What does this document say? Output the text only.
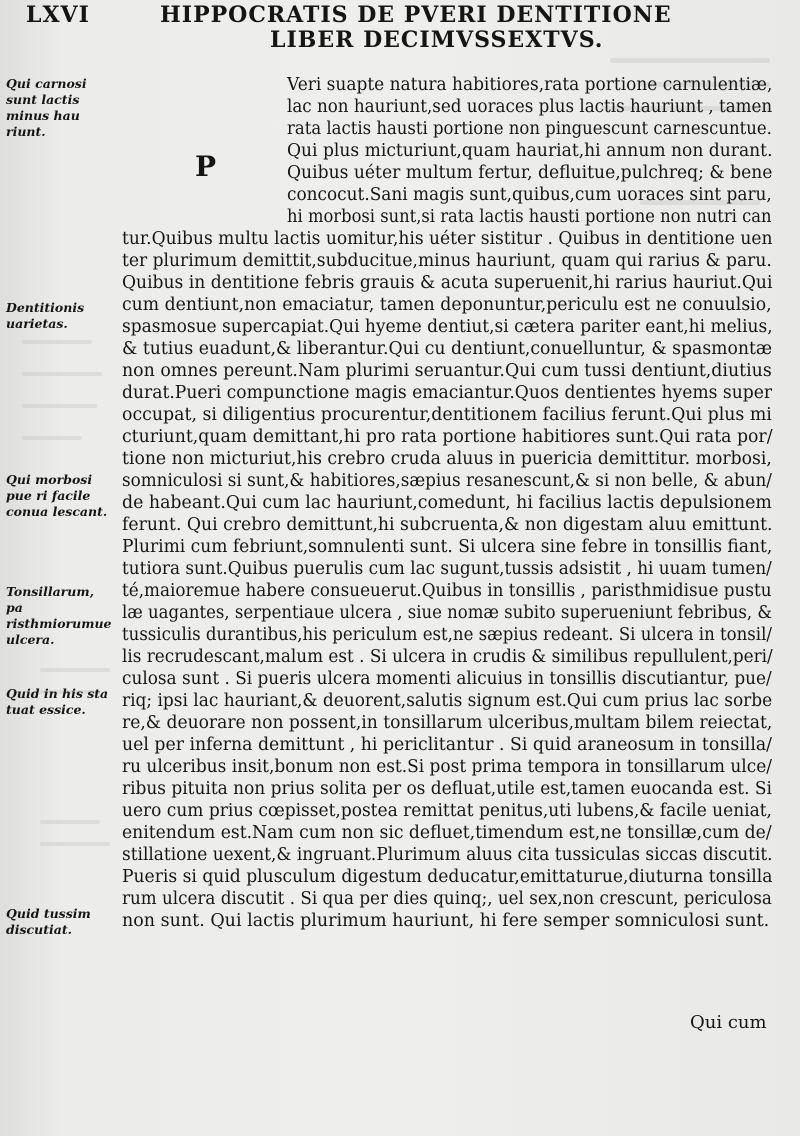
LXVI	HIPPOCRATIS DE PVERI DENTITIONE
LIBER DECIMVSSEXTVS.
P
Qui carnosi sunt lactis minus hau riunt.
Dentitionis uarietas.
Qui morbosi pue ri facile conua lescant.
Tonsillarum, pa risthmiorumue ulcera.
Quid in his sta tuat essice.
Quid tussim discutiat.
Veri suapte natura habitiores,rata portione carnulentiæ,
lac non hauriunt,sed uoraces plus lactis hauriunt , tamen
rata lactis hausti portione non pinguescunt carnescuntue.
Qui plus micturiunt,quam hauriat,hi annum non durant.
Quibus uéter multum fertur, defluitue,pulchreq; & bene
concocut.Sani magis sunt,quibus,cum uoraces sint paru,
hi morbosi sunt,si rata lactis hausti portione non nutri can
tur.Quibus multu lactis uomitur,his uéter sistitur . Quibus in dentitione uen
ter plurimum demittit,subducitue,minus hauriunt, quam qui rarius & paru.
Quibus in dentitione febris grauis & acuta superuenit,hi rarius hauriut.Qui
cum dentiunt,non emaciatur, tamen deponuntur,periculu est ne conuulsio,
spasmosue supercapiat.Qui hyeme dentiut,si cætera pariter eant,hi melius,
& tutius euadunt,& liberantur.Qui cu dentiunt,conuelluntur, & spasmontæ
non omnes pereunt.Nam plurimi seruantur.Qui cum tussi dentiunt,diutius
durat.Pueri compunctione magis emaciantur.Quos dentientes hyems super
occupat, si diligentius procurentur,dentitionem facilius ferunt.Qui plus mi
cturiunt,quam demittant,hi pro rata portione habitiores sunt.Qui rata por/
tione non micturiut,his crebro cruda aluus in puericia demittitur. morbosi,
somniculosi si sunt,& habitiores,sæpius resanescunt,& si non belle, & abun/
de habeant.Qui cum lac hauriunt,comedunt, hi facilius lactis depulsionem
ferunt. Qui crebro demittunt,hi subcruenta,& non digestam aluu emittunt.
Plurimi cum febriunt,somnulenti sunt. Si ulcera sine febre in tonsillis fiant,
tutiora sunt.Quibus puerulis cum lac sugunt,tussis adsistit , hi uuam tumen/
té,maioremue habere consueuerut.Quibus in tonsillis , paristhmidisue pustu
læ uagantes, serpentiaue ulcera , siue nomæ subito superueniunt febribus, &
tussiculis durantibus,his periculum est,ne sæpius redeant. Si ulcera in tonsil/
lis recrudescant,malum est . Si ulcera in crudis & similibus repullulent,peri/
culosa sunt . Si pueris ulcera momenti alicuius in tonsillis discutiantur, pue/
riq; ipsi lac hauriant,& deuorent,salutis signum est.Qui cum prius lac sorbe
re,& deuorare non possent,in tonsillarum ulceribus,multam bilem reiectat,
uel per inferna demittunt , hi periclitantur . Si quid araneosum in tonsilla/
ru ulceribus insit,bonum non est.Si post prima tempora in tonsillarum ulce/
ribus pituita non prius solita per os defluat,utile est,tamen euocanda est. Si
uero cum prius cœpisset,postea remittat penitus,uti lubens,& facile ueniat,
enitendum est.Nam cum non sic defluet,timendum est,ne tonsillæ,cum de/
stillatione uexent,& ingruant.Plurimum aluus cita tussiculas siccas discutit.
Pueris si quid plusculum digestum deducatur,emittaturue,diuturna tonsilla
rum ulcera discutit . Si qua per dies quinq;, uel sex,non crescunt, periculosa
non sunt. Qui lactis plurimum hauriunt, hi fere semper somniculosi sunt.
Qui cum
